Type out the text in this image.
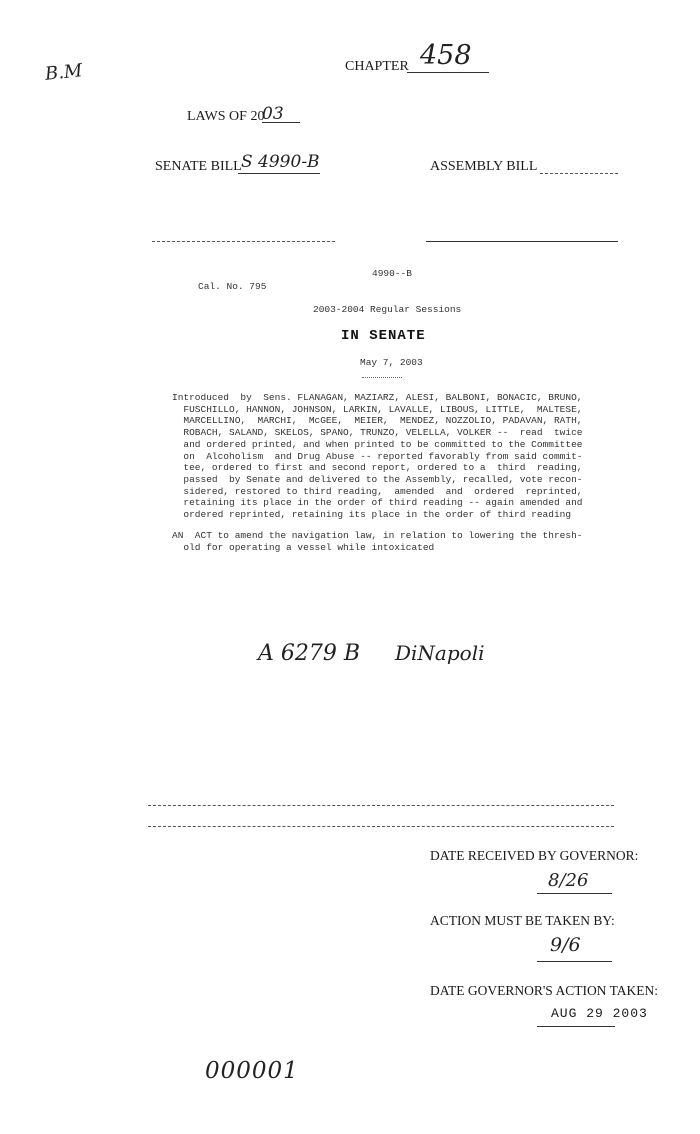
B.M	CHAPTER 458
LAWS OF 20
03
SENATE BILL S 4990-B	ASSEMBLY BILL
4990--B
Cal. No. 795
2003-2004 Regular Sessions
IN SENATE
May 7, 2003
Introduced  by  Sens. FLANAGAN, MAZIARZ, ALESI, BALBONI, BONACIC, BRUNO,
FUSCHILLO, HANNON, JOHNSON, LARKIN, LAVALLE, LIBOUS, LITTLE,  MALTESE,
MARCELLINO,  MARCHI,  McGEE,  MEIER,  MENDEZ, NOZZOLIO, PADAVAN, RATH,
ROBACH, SALAND, SKELOS, SPANO, TRUNZO, VELELLA, VOLKER --  read  twice
and ordered printed, and when printed to be committed to the Committee
on  Alcoholism  and Drug Abuse -- reported favorably from said commit-
tee, ordered to first and second report, ordered to a  third  reading,
passed  by Senate and delivered to the Assembly, recalled, vote recon-
sidered, restored to third reading,  amended  and  ordered  reprinted,
retaining its place in the order of third reading -- again amended and
ordered reprinted, retaining its place in the order of third reading
AN  ACT to amend the navigation law, in relation to lowering the thresh-
old for operating a vessel while intoxicated
A 6279 B DiNapoli
DATE RECEIVED BY GOVERNOR:
8/26
ACTION MUST BE TAKEN BY:
9/6
DATE GOVERNOR'S ACTION TAKEN:
AUG 29 2003
000001
